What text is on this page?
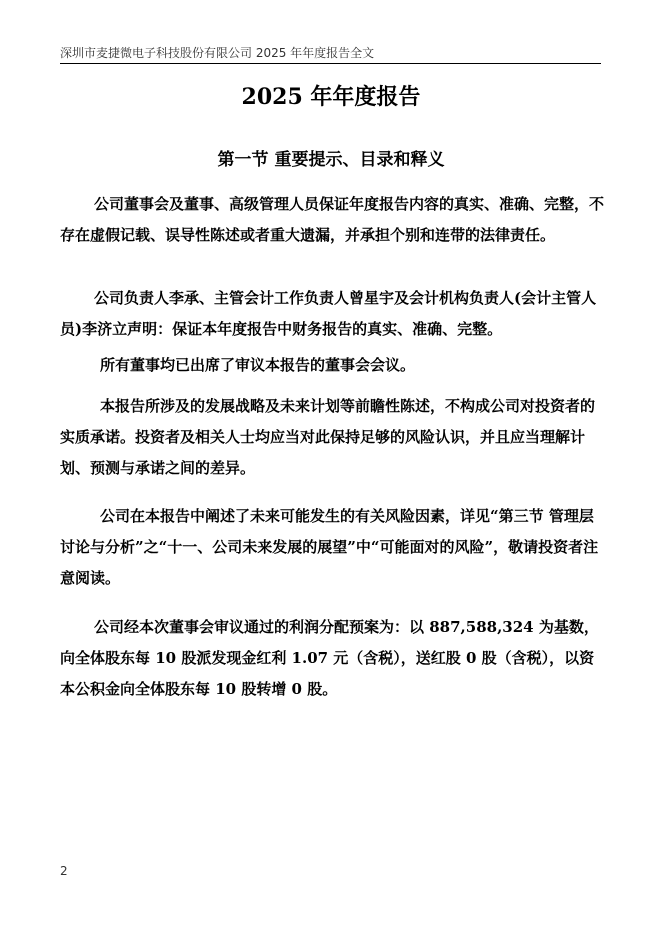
深圳市麦捷微电子科技股份有限公司 2025 年年度报告全文
2025 年年度报告
第一节 重要提示、目录和释义

公司董事会及董事、高级管理人员保证年度报告内容的真实、准确、完整，不存在虚假记载、误导性陈述或者重大遗漏，并承担个别和连带的法律责任。

公司负责人李承、主管会计工作负责人曾星宇及会计机构负责人(会计主管人员)李济立声明：保证本年度报告中财务报告的真实、准确、完整。

所有董事均已出席了审议本报告的董事会会议。

本报告所涉及的发展战略及未来计划等前瞻性陈述，不构成公司对投资者的实质承诺。投资者及相关人士均应当对此保持足够的风险认识，并且应当理解计划、预测与承诺之间的差异。

公司在本报告中阐述了未来可能发生的有关风险因素，详见“第三节 管理层讨论与分析”之“十一、公司未来发展的展望”中“可能面对的风险”，敬请投资者注意阅读。

公司经本次董事会审议通过的利润分配预案为：以 887,588,324 为基数，向全体股东每 10 股派发现金红利 1.07 元（含税），送红股 0 股（含税），以资本公积金向全体股东每 10 股转增 0 股。

2
